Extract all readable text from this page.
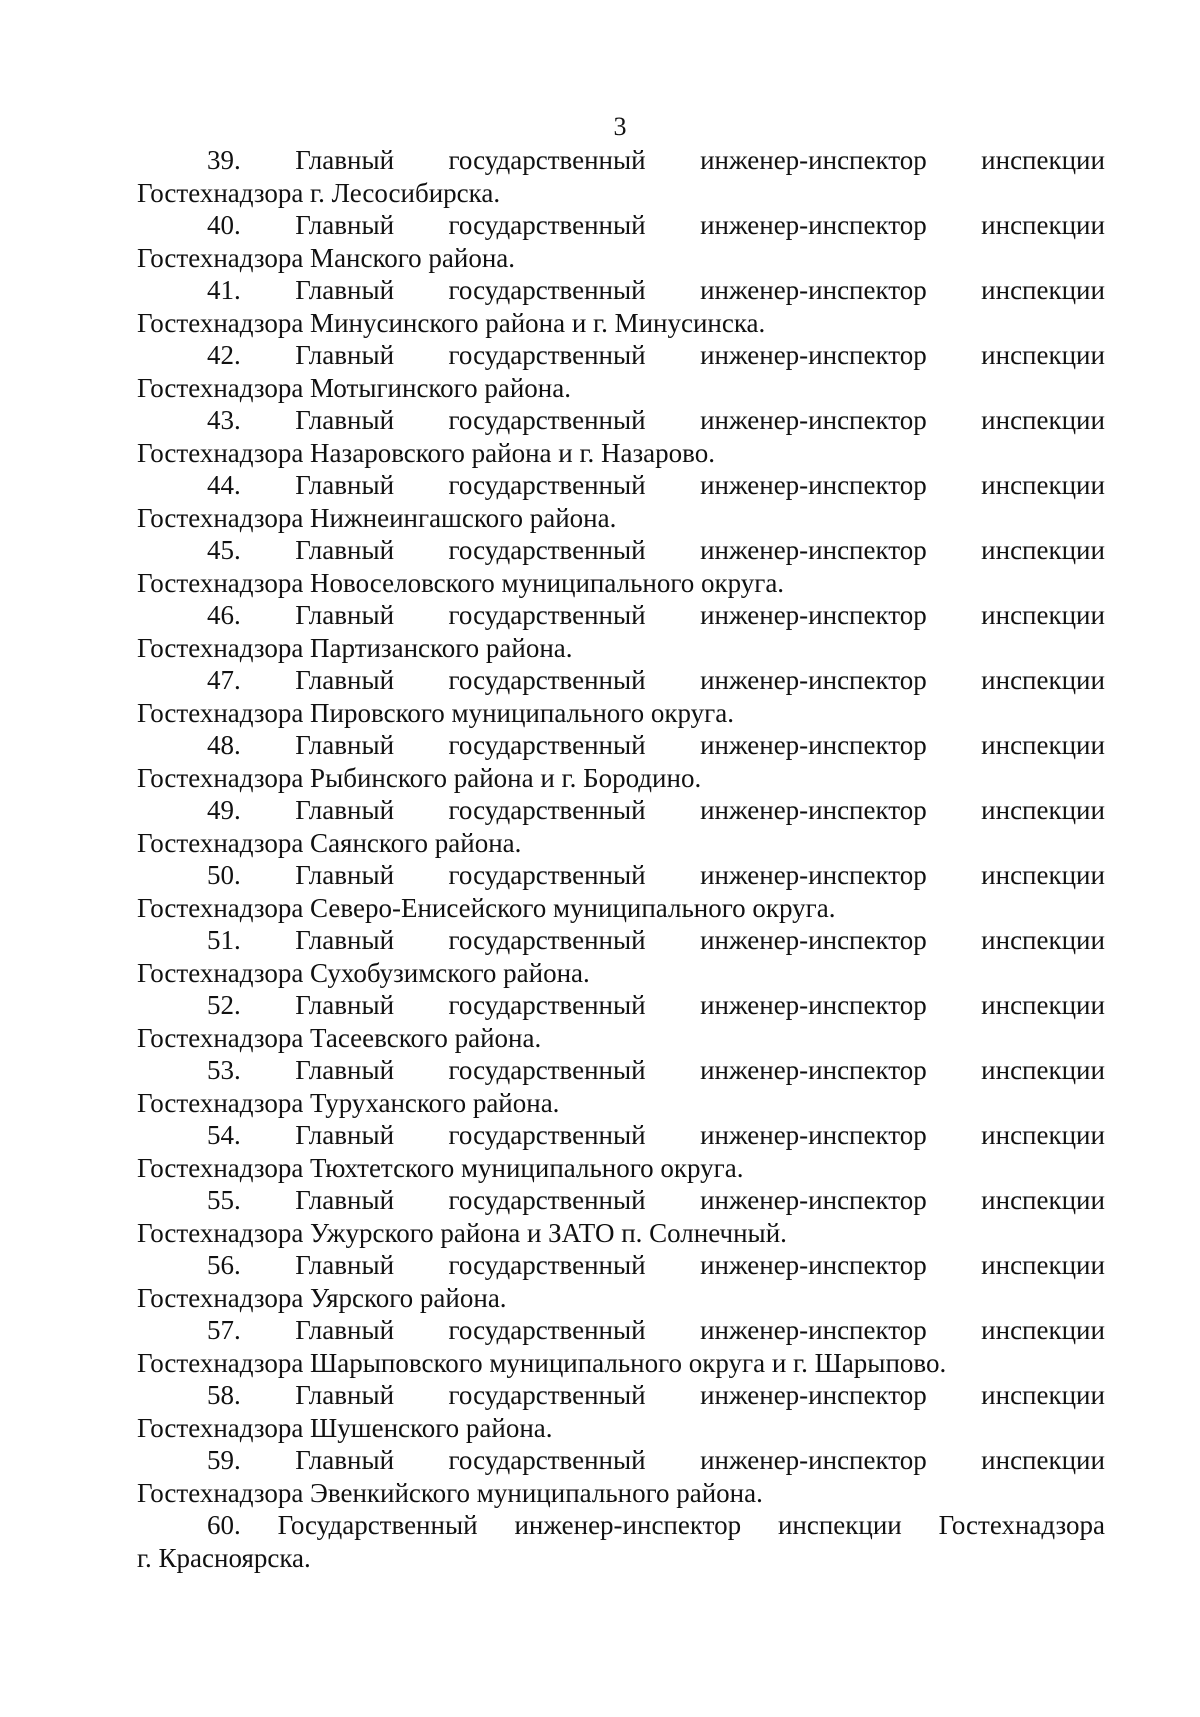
3
39. Главный государственный инженер-инспектор инспекции
Гостехнадзора г. Лесосибирска.
40. Главный государственный инженер-инспектор инспекции
Гостехнадзора Манского района.
41. Главный государственный инженер-инспектор инспекции
Гостехнадзора Минусинского района и г. Минусинска.
42. Главный государственный инженер-инспектор инспекции
Гостехнадзора Мотыгинского района.
43. Главный государственный инженер-инспектор инспекции
Гостехнадзора Назаровского района и г. Назарово.
44. Главный государственный инженер-инспектор инспекции
Гостехнадзора Нижнеингашского района.
45. Главный государственный инженер-инспектор инспекции
Гостехнадзора Новоселовского муниципального округа.
46. Главный государственный инженер-инспектор инспекции
Гостехнадзора Партизанского района.
47. Главный государственный инженер-инспектор инспекции
Гостехнадзора Пировского муниципального округа.
48. Главный государственный инженер-инспектор инспекции
Гостехнадзора Рыбинского района и г. Бородино.
49. Главный государственный инженер-инспектор инспекции
Гостехнадзора Саянского района.
50. Главный государственный инженер-инспектор инспекции
Гостехнадзора Северо-Енисейского муниципального округа.
51. Главный государственный инженер-инспектор инспекции
Гостехнадзора Сухобузимского района.
52. Главный государственный инженер-инспектор инспекции
Гостехнадзора Тасеевского района.
53. Главный государственный инженер-инспектор инспекции
Гостехнадзора Туруханского района.
54. Главный государственный инженер-инспектор инспекции
Гостехнадзора Тюхтетского муниципального округа.
55. Главный государственный инженер-инспектор инспекции
Гостехнадзора Ужурского района и ЗАТО п. Солнечный.
56. Главный государственный инженер-инспектор инспекции
Гостехнадзора Уярского района.
57. Главный государственный инженер-инспектор инспекции
Гостехнадзора Шарыповского муниципального округа и г. Шарыпово.
58. Главный государственный инженер-инспектор инспекции
Гостехнадзора Шушенского района.
59. Главный государственный инженер-инспектор инспекции
Гостехнадзора Эвенкийского муниципального района.
60. Государственный инженер-инспектор инспекции Гостехнадзора
г. Красноярска.
